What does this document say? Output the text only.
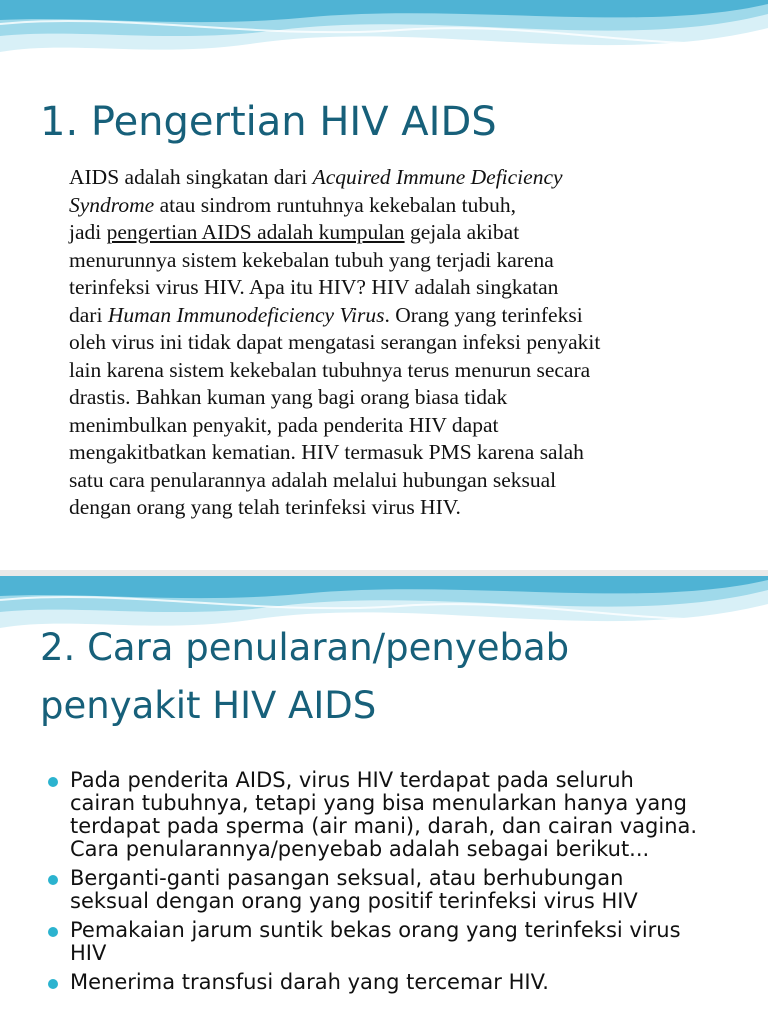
1. Pengertian HIV AIDS
AIDS adalah singkatan dari Acquired Immune Deficiency
Syndrome atau sindrom runtuhnya kekebalan tubuh,
jadi pengertian AIDS adalah kumpulan gejala akibat
menurunnya sistem kekebalan tubuh yang terjadi karena
terinfeksi virus HIV. Apa itu HIV? HIV adalah singkatan
dari Human Immunodeficiency Virus. Orang yang terinfeksi
oleh virus ini tidak dapat mengatasi serangan infeksi penyakit
lain karena sistem kekebalan tubuhnya terus menurun secara
drastis. Bahkan kuman yang bagi orang biasa tidak
menimbulkan penyakit, pada penderita HIV dapat
mengakitbatkan kematian. HIV termasuk PMS karena salah
satu cara penularannya adalah melalui hubungan seksual
dengan orang yang telah terinfeksi virus HIV.
2. Cara penularan/penyebab penyakit HIV AIDS
Pada penderita AIDS, virus HIV terdapat pada seluruh
cairan tubuhnya, tetapi yang bisa menularkan hanya yang
terdapat pada sperma (air mani), darah, dan cairan vagina.
Cara penularannya/penyebab adalah sebagai berikut...
Berganti-ganti pasangan seksual, atau berhubungan
seksual dengan orang yang positif terinfeksi virus HIV
Pemakaian jarum suntik bekas orang yang terinfeksi virus
HIV
Menerima transfusi darah yang tercemar HIV.
